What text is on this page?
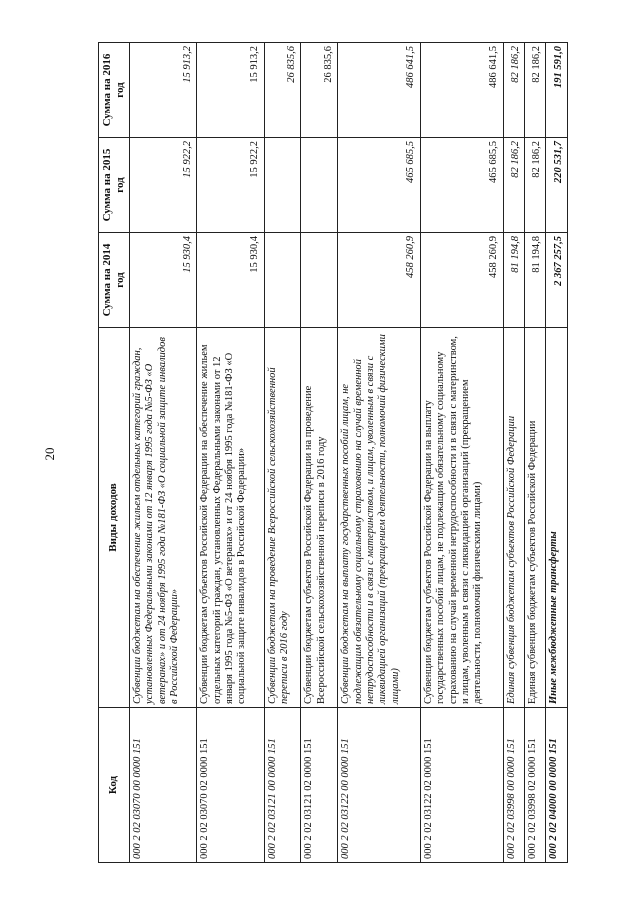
20
Код	Виды доходов	Сумма на 2014 год	Сумма на 2015 год	Сумма на 2016 год
000 2 02 03070 00 0000 151	Субвенции бюджетам на обеспечение жильем отдельных категорий граждан, установленных Федеральными законами от 12 января 1995 года №5-ФЗ «О ветеранах» и от 24 ноября 1995 года №181-ФЗ «О социальной защите инвалидов в Российской Федерации»	15 930,4	15 922,2	15 913,2
000 2 02 03070 02 0000 151	Субвенции бюджетам субъектов Российской Федерации на обеспечение жильем отдельных категорий граждан, установленных Федеральными законами от 12 января 1995 года №5-ФЗ «О ветеранах» и от 24 ноября 1995 года №181-ФЗ «О социальной защите инвалидов в Российской Федерации»	15 930,4	15 922,2	15 913,2
000 2 02 03121 00 0000 151	Субвенции бюджетам на проведение Всероссийской сельскохозяйственной переписи в 2016 году			26 835,6
000 2 02 03121 02 0000 151	Субвенции бюджетам субъектов Российской Федерации на проведение Всероссийской сельскохозяйственной переписи в 2016 году			26 835,6
000 2 02 03122 00 0000 151	Субвенции бюджетам на выплату государственных пособий лицам, не подлежащим обязательному социальному страхованию на случай временной нетрудоспособности и в связи с материнством, и лицам, уволенным в связи с ликвидацией организаций (прекращением деятельности, полномочий физическими лицами)	458 260,9	465 685,5	486 641,5
000 2 02 03122 02 0000 151	Субвенции бюджетам субъектов Российской Федерации на выплату государственных пособий лицам, не подлежащим обязательному социальному страхованию на случай временной нетрудоспособности и в связи с материнством, и лицам, уволенным в связи с ликвидацией организаций (прекращением деятельности, полномочий физическими лицами)	458 260,9	465 685,5	486 641,5
000 2 02 03998 00 0000 151	Единая субвенция бюджетам субъектов Российской Федерации	81 194,8	82 186,2	82 186,2
000 2 02 03998 02 0000 151	Единая субвенция бюджетам субъектов Российской Федерации	81 194,8	82 186,2	82 186,2
000 2 02 04000 00 0000 151	Иные межбюджетные трансферты	2 367 257,5	220 531,7	191 591,0
